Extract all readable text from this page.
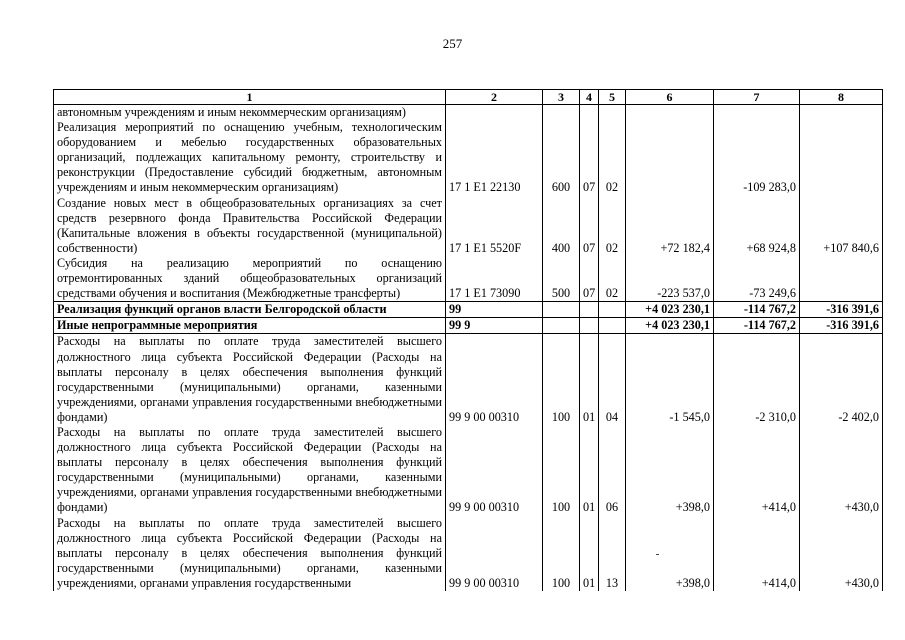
257
1	2	3	4	5	6	7	8
автономным учреждениям и иным некоммерческим организациям)							
Реализация мероприятий по оснащению учебным, технологическим оборудованием и мебелью государственных образовательных организаций, подлежащих капитальному ремонту, строительству и реконструкции (Предоставление субсидий бюджетным, автономным учреждениям и иным некоммерческим организациям)	17 1 E1 22130	600	07	02		-109 283,0	
Создание новых мест в общеобразовательных организациях за счет средств резервного фонда Правительства Российской Федерации (Капитальные вложения в объекты государственной (муниципальной) собственности)	17 1 E1 5520F	400	07	02	+72 182,4	+68 924,8	+107 840,6
Субсидия на реализацию мероприятий по оснащению отремонтированных зданий общеобразовательных организаций средствами обучения и воспитания (Межбюджетные трансферты)	17 1 E1 73090	500	07	02	-223 537,0	-73 249,6	
Реализация функций органов власти Белгородской области	99				+4 023 230,1	-114 767,2	-316 391,6
Иные непрограммные мероприятия	99 9				+4 023 230,1	-114 767,2	-316 391,6
Расходы на выплаты по оплате труда заместителей высшего должностного лица субъекта Российской Федерации (Расходы на выплаты персоналу в целях обеспечения выполнения функций государственными (муниципальными) органами, казенными учреждениями, органами управления государственными внебюджетными фондами)	99 9 00 00310	100	01	04	-1 545,0	-2 310,0	-2 402,0
Расходы на выплаты по оплате труда заместителей высшего должностного лица субъекта Российской Федерации (Расходы на выплаты персоналу в целях обеспечения выполнения функций государственными (муниципальными) органами, казенными учреждениями, органами управления государственными внебюджетными фондами)	99 9 00 00310	100	01	06	+398,0	+414,0	+430,0
Расходы на выплаты по оплате труда заместителей высшего должностного лица субъекта Российской Федерации (Расходы на выплаты персоналу в целях обеспечения выполнения функций государственными (муниципальными) органами, казенными учреждениями, органами управления государственными	99 9 00 00310	100	01	13	+398,0	+414,0	+430,0
